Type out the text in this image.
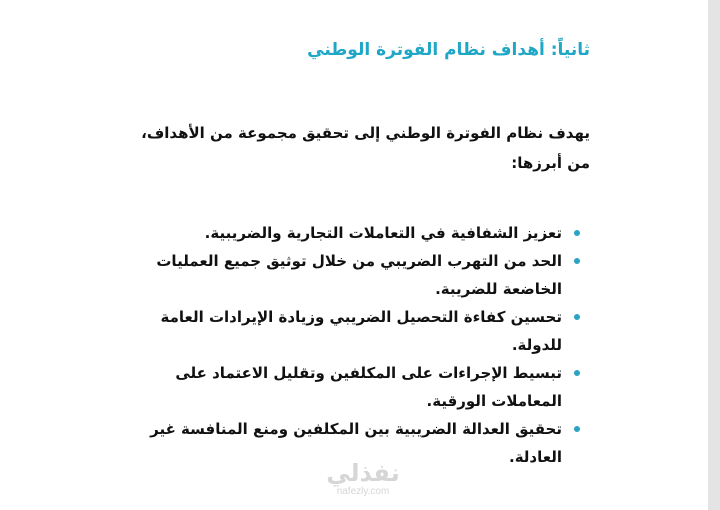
ثانياً: أهداف نظام الفوترة الوطني

يهدف نظام الفوترة الوطني إلى تحقيق مجموعة من الأهداف، من أبرزها:

تعزيز الشفافية في التعاملات التجارية والضريبية.
الحد من التهرب الضريبي من خلال توثيق جميع العمليات الخاضعة للضريبة.
تحسين كفاءة التحصيل الضريبي وزيادة الإيرادات العامة للدولة.
تبسيط الإجراءات على المكلفين وتقليل الاعتماد على المعاملات الورقية.
تحقيق العدالة الضريبية بين المكلفين ومنع المنافسة غير العادلة.
نفذلي
nafezly.com
